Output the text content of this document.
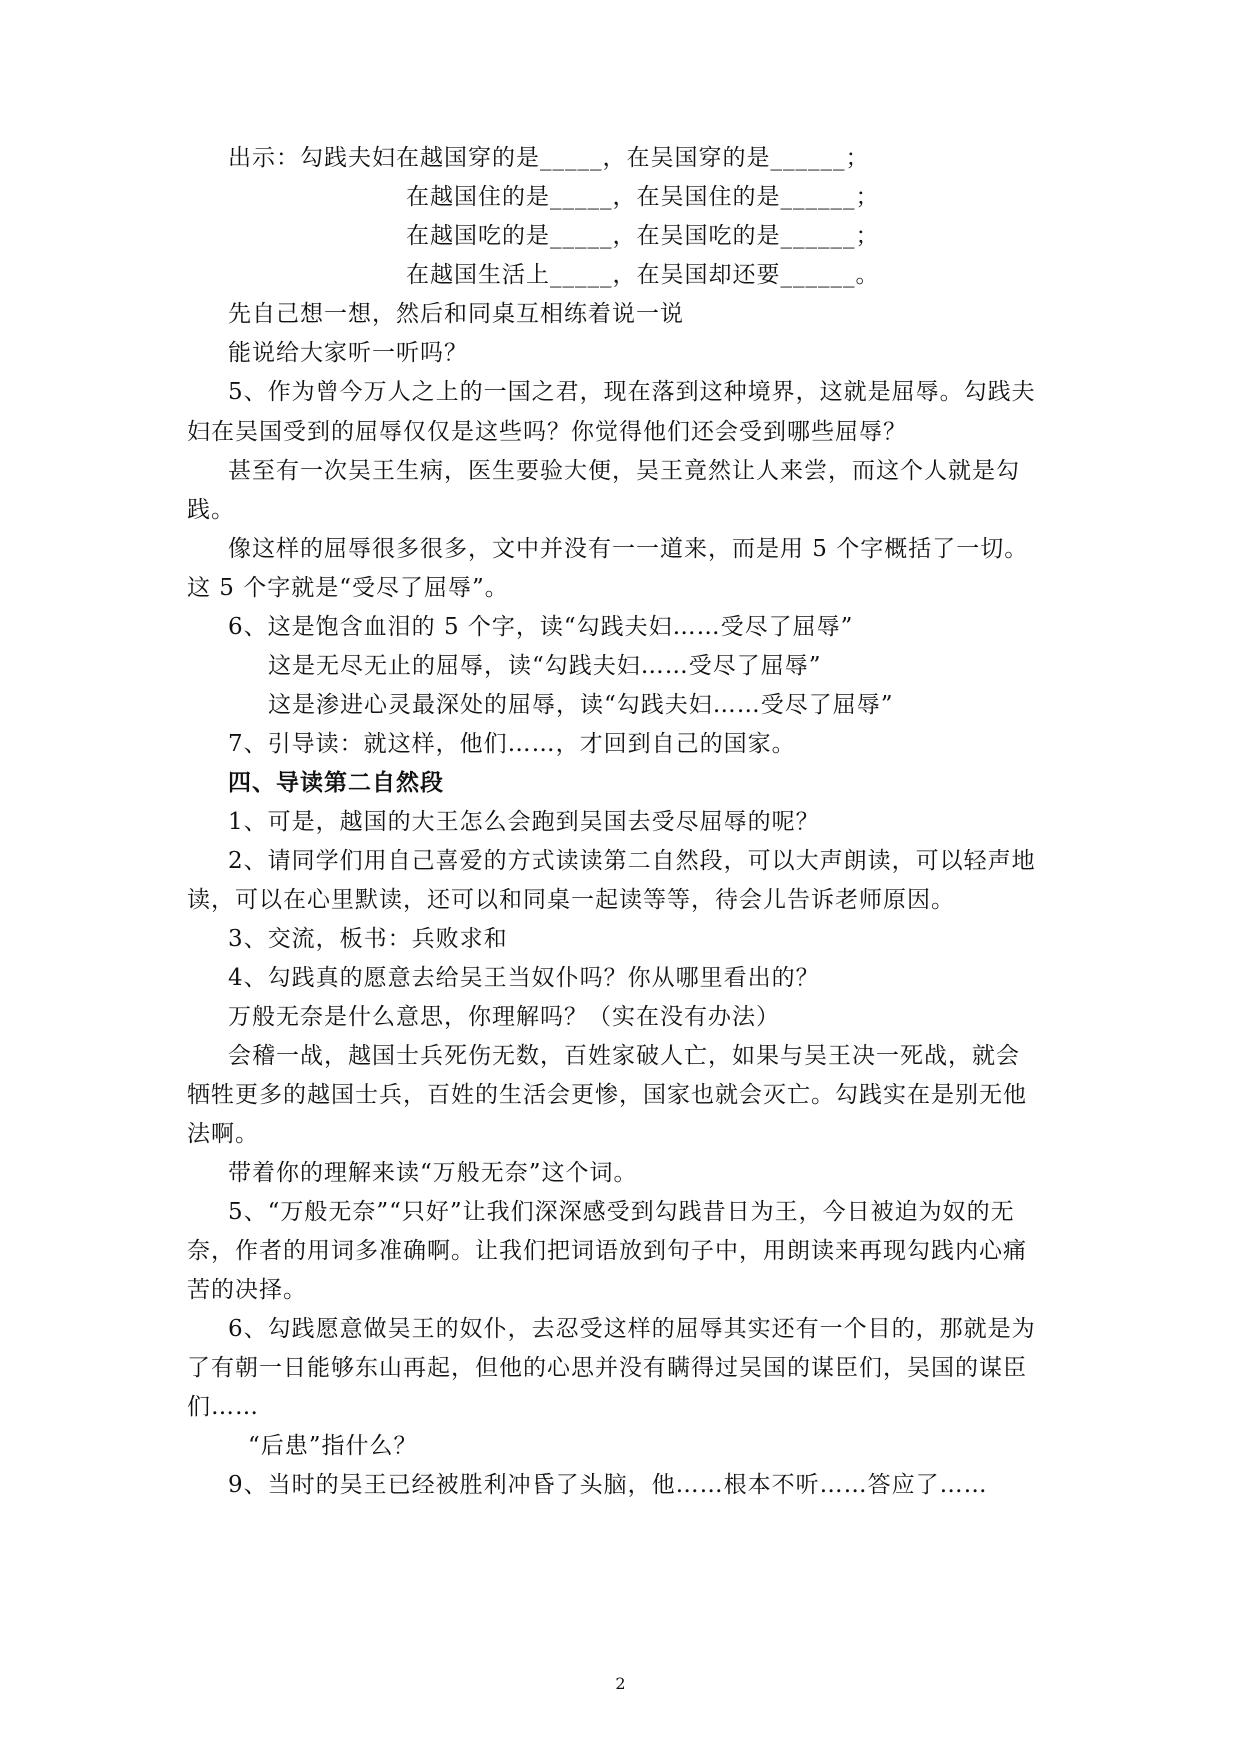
出示：勾践夫妇在越国穿的是_____，在吴国穿的是______；
在越国住的是_____，在吴国住的是______；
在越国吃的是_____，在吴国吃的是______；
在越国生活上_____，在吴国却还要______。
先自己想一想，然后和同桌互相练着说一说
能说给大家听一听吗？
5、作为曾今万人之上的一国之君，现在落到这种境界，这就是屈辱。勾践夫
妇在吴国受到的屈辱仅仅是这些吗？你觉得他们还会受到哪些屈辱？
甚至有一次吴王生病，医生要验大便，吴王竟然让人来尝，而这个人就是勾
践。
像这样的屈辱很多很多，文中并没有一一道来，而是用 5 个字概括了一切。
这 5 个字就是“受尽了屈辱”。
6、这是饱含血泪的 5 个字，读“勾践夫妇……受尽了屈辱”
这是无尽无止的屈辱，读“勾践夫妇……受尽了屈辱”
这是渗进心灵最深处的屈辱，读“勾践夫妇……受尽了屈辱”
7、引导读：就这样，他们……，才回到自己的国家。
四、导读第二自然段
1、可是，越国的大王怎么会跑到吴国去受尽屈辱的呢？
2、请同学们用自己喜爱的方式读读第二自然段，可以大声朗读，可以轻声地
读，可以在心里默读，还可以和同桌一起读等等，待会儿告诉老师原因。
3、交流，板书：兵败求和
4、勾践真的愿意去给吴王当奴仆吗？你从哪里看出的？
万般无奈是什么意思，你理解吗？（实在没有办法）
会稽一战，越国士兵死伤无数，百姓家破人亡，如果与吴王决一死战，就会
牺牲更多的越国士兵，百姓的生活会更惨，国家也就会灭亡。勾践实在是别无他
法啊。
带着你的理解来读“万般无奈”这个词。
5、“万般无奈”“只好”让我们深深感受到勾践昔日为王，今日被迫为奴的无
奈，作者的用词多准确啊。让我们把词语放到句子中，用朗读来再现勾践内心痛
苦的决择。
6、勾践愿意做吴王的奴仆，去忍受这样的屈辱其实还有一个目的，那就是为
了有朝一日能够东山再起，但他的心思并没有瞒得过吴国的谋臣们，吴国的谋臣
们……
“后患”指什么？
9、当时的吴王已经被胜利冲昏了头脑，他……根本不听……答应了……
2
